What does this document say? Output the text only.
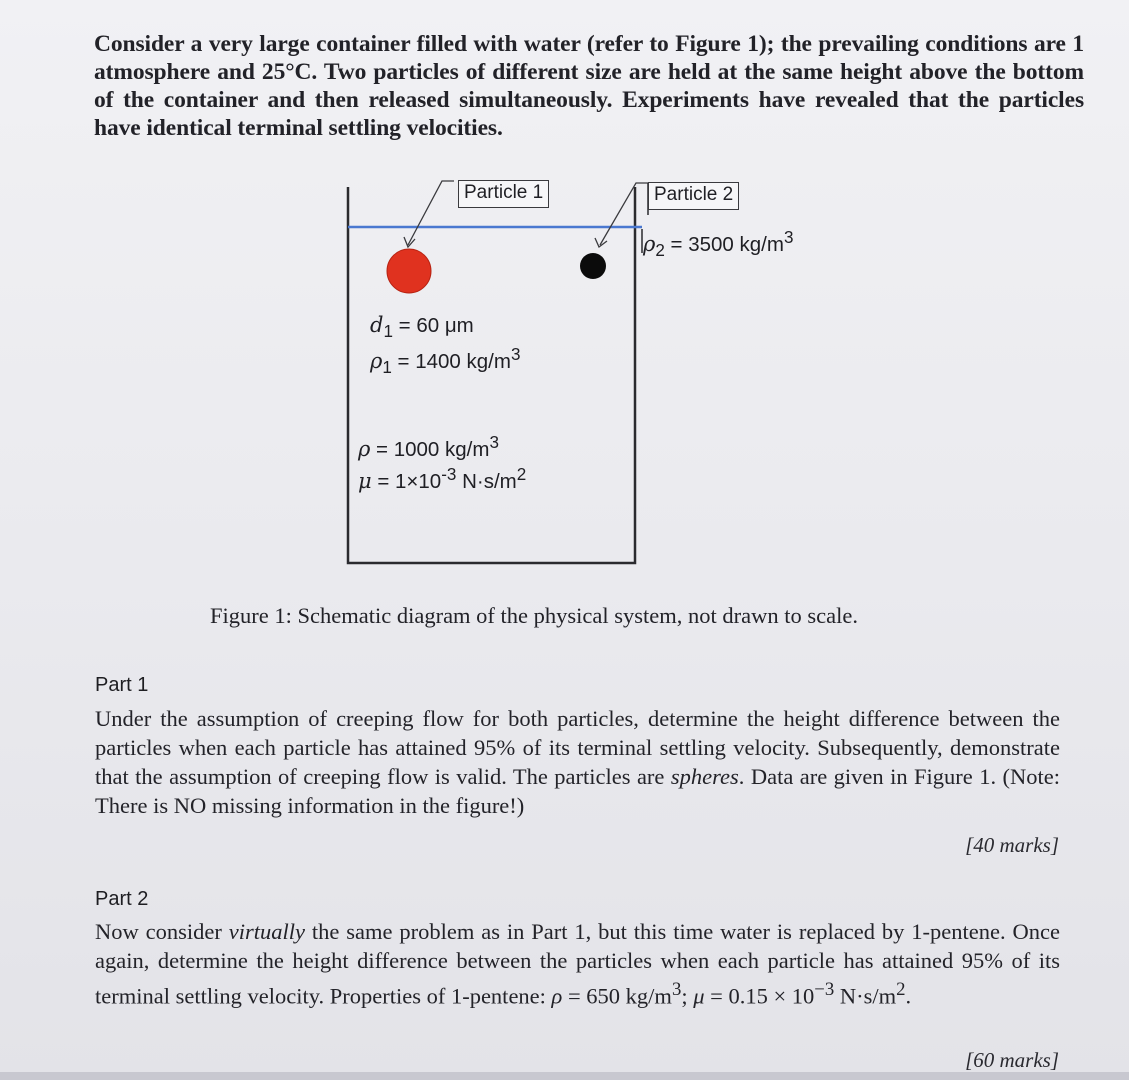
Consider a very large container filled with water (refer to Figure 1); the prevailing conditions are 1 atmosphere and 25°C. Two particles of different size are held at the same height above the bottom of the container and then released simultaneously. Experiments have revealed that the particles have identical terminal settling velocities.

Particle 1	Particle 2
$\rho_2 = 3500$ $kg/m^3$
$d_1 = 60$ μm
$\rho_1 = 1400$ $kg/m^3$
ρ = 1000 $kg/m^3$
$\mu = 1\times 10^{-3}$ $N\cdot s/m^2$

Figure 1: Schematic diagram of the physical system, not drawn to scale.

Part 1

Under the assumption of creeping flow for both particles, determine the height difference between the particles when each particle has attained 95% of its terminal settling velocity. Subsequently, demonstrate that the assumption of creeping flow is valid. The particles are spheres. Data are given in Figure 1. (Note: There is NO missing information in the figure!)

[40 marks]

Part 2

Now consider virtually the same problem as in Part 1, but this time water is replaced by 1-pentene. Once again, determine the height difference between the particles when each particle has attained 95% of its terminal settling velocity. Properties of 1-pentene: ρ = 650 $kg/m^3$; $\mu = 0.15 \times 10^{-3}$ $N\cdot s/m^2$.

[60 marks]
